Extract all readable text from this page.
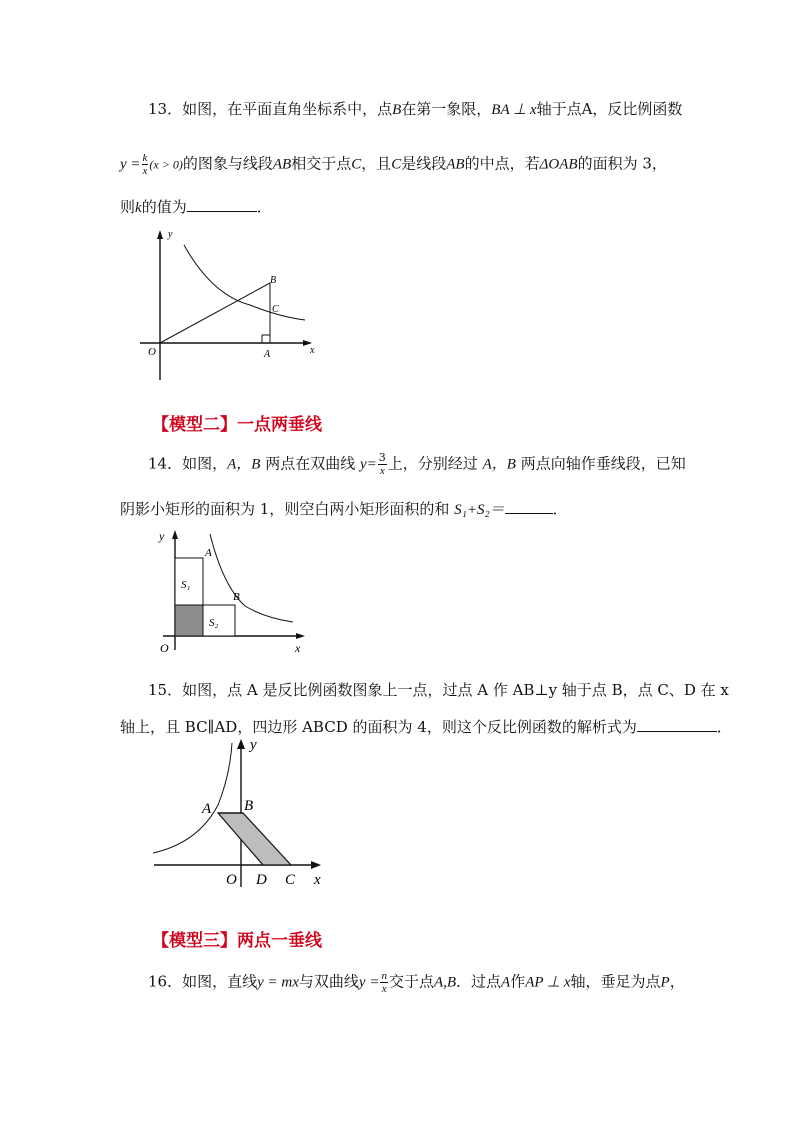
13．如图，在平面直角坐标系中，点B在第一象限，BA ⊥ x轴于点A，反比例函数
$y = \frac{k}{x} (x > 0)$的图象与线段AB相交于点C，且C是线段AB的中点，若ΔOAB的面积为 3，
则k的值为	．
O	A
B
C
x
y
【模型二】一点两垂线
14．如图，A，B 两点在双曲线 $y= \frac{3}{x}$ 上，分别经过 A，B 两点向轴作垂线段，已知
阴影小矩形的面积为 1，则空白两小矩形面积的和 S₁+S₂＝	．
O
A
B
S₁
S₂
x
y
15．如图，点 A 是反比例函数图象上一点，过点 A 作 AB⊥y 轴于点 B，点 C、D 在 x
轴上，且 BC∥AD，四边形 ABCD 的面积为 4，则这个反比例函数的解析式为	．
O
A B
D C x
y
【模型三】两点一垂线
16．如图，直线y = mx与双曲线$y = \frac{n}{x}$ 交于点A,B．过点A作AP ⊥ x轴，垂足为点P，
